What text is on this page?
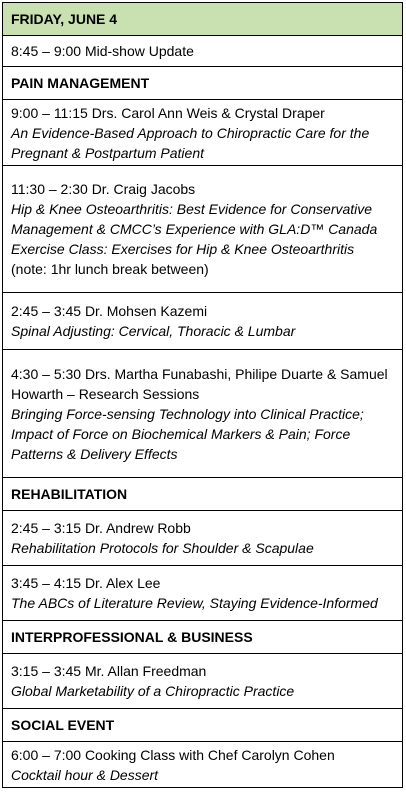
FRIDAY, JUNE 4
8:45 – 9:00 Mid-show Update
PAIN MANAGEMENT

9:00 – 11:15 Drs. Carol Ann Weis & Crystal Draper
An Evidence-Based Approach to Chiropractic Care for the Pregnant & Postpartum Patient

11:30 – 2:30 Dr. Craig Jacobs
Hip & Knee Osteoarthritis: Best Evidence for Conservative Management & CMCC’s Experience with GLA:D™ Canada Exercise Class: Exercises for Hip & Knee Osteoarthritis
(note: 1hr lunch break between)

2:45 – 3:45 Dr. Mohsen Kazemi
Spinal Adjusting: Cervical, Thoracic & Lumbar

4:30 – 5:30 Drs. Martha Funabashi, Philipe Duarte & Samuel Howarth – Research Sessions
Bringing Force-sensing Technology into Clinical Practice; Impact of Force on Biochemical Markers & Pain; Force Patterns & Delivery Effects

REHABILITATION

2:45 – 3:15 Dr. Andrew Robb
Rehabilitation Protocols for Shoulder & Scapulae

3:45 – 4:15 Dr. Alex Lee
The ABCs of Literature Review, Staying Evidence-Informed

INTERPROFESSIONAL & BUSINESS

3:15 – 3:45 Mr. Allan Freedman
Global Marketability of a Chiropractic Practice

SOCIAL EVENT

6:00 – 7:00 Cooking Class with Chef Carolyn Cohen
Cocktail hour & Dessert
